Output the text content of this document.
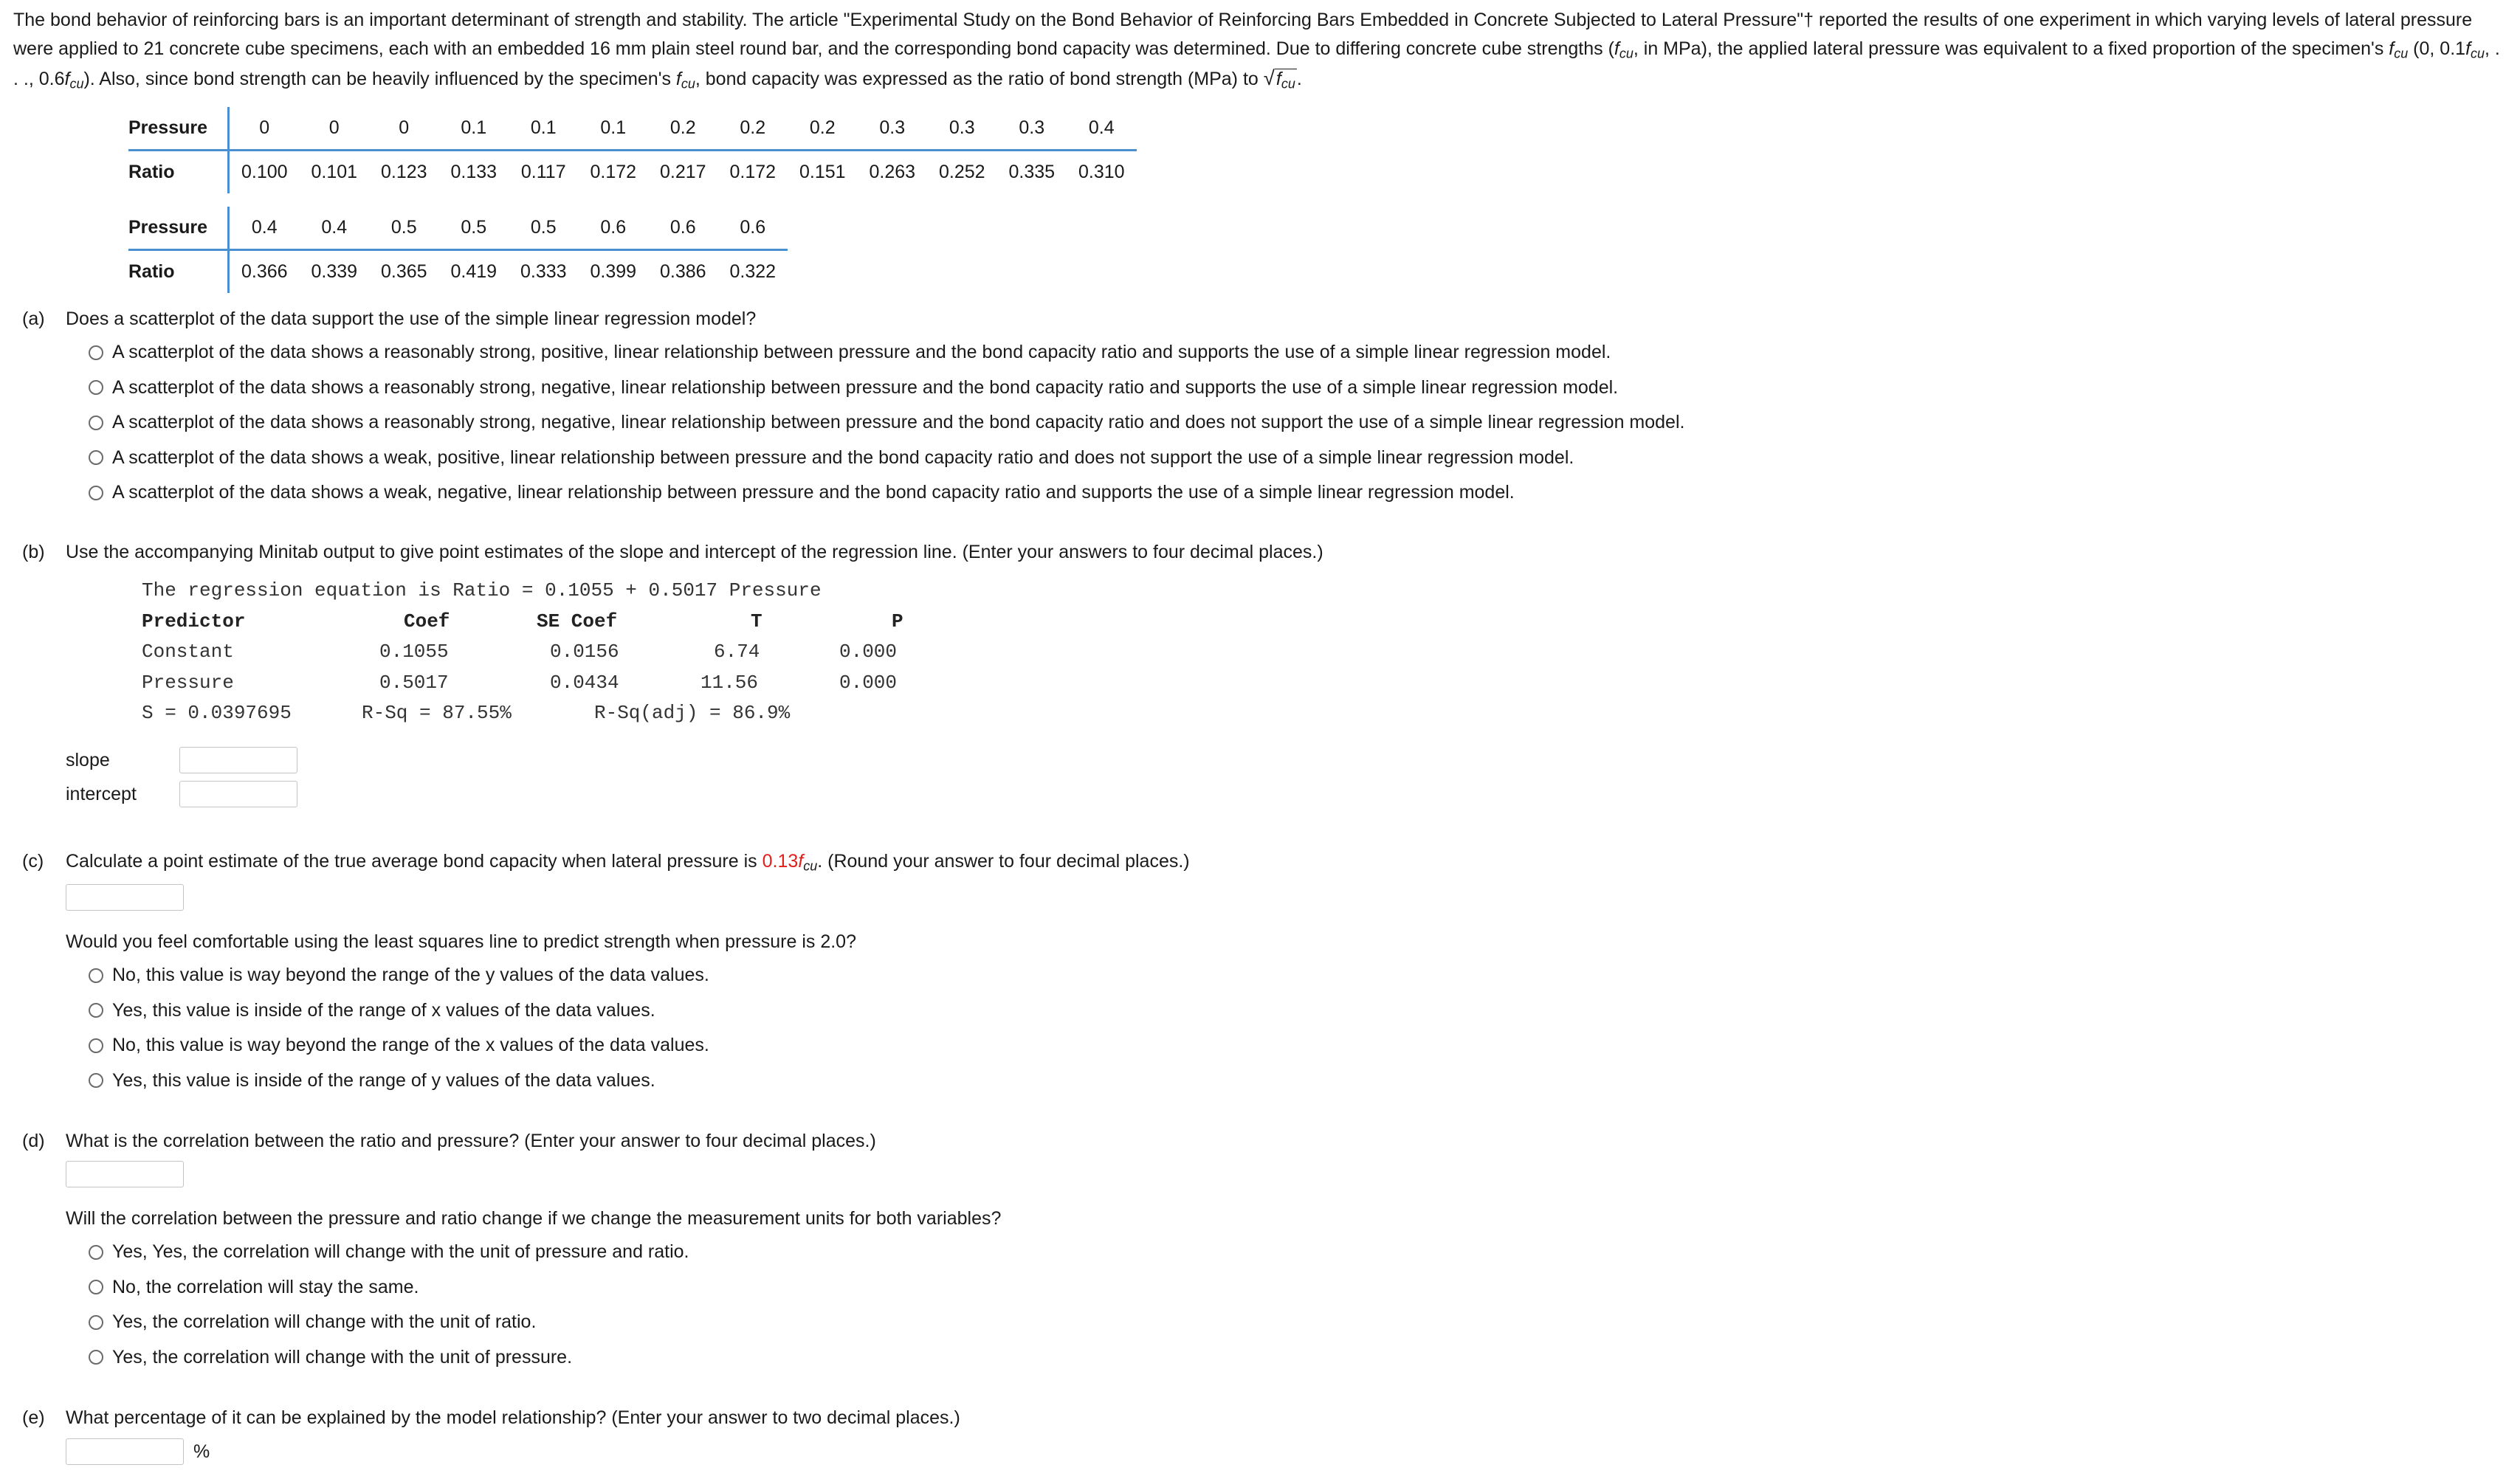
The bond behavior of reinforcing bars is an important determinant of strength and stability. The article "Experimental Study on the Bond Behavior of Reinforcing Bars Embedded in Concrete Subjected to Lateral Pressure"† reported the results of one experiment in which varying levels of lateral pressure were applied to 21 concrete cube specimens, each with an embedded 16 mm plain steel round bar, and the corresponding bond capacity was determined. Due to differing concrete cube strengths ($f_{cu}$, in MPa), the applied lateral pressure was equivalent to a fixed proportion of the specimen's $f_{cu}$ (0, $0.1f_{cu}$, . . ., $0.6f_{cu}$). Also, since bond strength can be heavily influenced by the specimen's $f_{cu}$, bond capacity was expressed as the ratio of bond strength (MPa) to $√f_{cu}$.

Pressure	0	0	0	0.1	0.1	0.1	0.2	0.2	0.2	0.3	0.3	0.3	0.4
Ratio	0.100	0.101	0.123	0.133	0.117	0.172	0.217	0.172	0.151	0.263	0.252	0.335	0.310
Pressure	0.4	0.4	0.5	0.5	0.5	0.6	0.6	0.6
Ratio	0.366	0.339	0.365	0.419	0.333	0.399	0.386	0.322
(a) Does a scatterplot of the data support the use of the simple linear regression model?
A scatterplot of the data shows a reasonably strong, positive, linear relationship between pressure and the bond capacity ratio and supports the use of a simple linear regression model.
A scatterplot of the data shows a reasonably strong, negative, linear relationship between pressure and the bond capacity ratio and supports the use of a simple linear regression model.
A scatterplot of the data shows a reasonably strong, negative, linear relationship between pressure and the bond capacity ratio and does not support the use of a simple linear regression model.
A scatterplot of the data shows a weak, positive, linear relationship between pressure and the bond capacity ratio and does not support the use of a simple linear regression model.
A scatterplot of the data shows a weak, negative, linear relationship between pressure and the bond capacity ratio and supports the use of a simple linear regression model.
(b) Use the accompanying Minitab output to give point estimates of the slope and intercept of the regression line. (Enter your answers to four decimal places.)
The regression equation is Ratio = 0.1055 + 0.5017 Pressure
Predictor	Coef	SE Coef	T	P
Constant	0.1055	0.0156	6.74	0.000
Pressure	0.5017	0.0434	11.56	0.000
S = 0.0397695	R-Sq = 87.55%	R-Sq(adj) = 86.9%
slope
intercept
(c) Calculate a point estimate of the true average bond capacity when lateral pressure is $0.13f_{cu}$. (Round your answer to four decimal places.)
Would you feel comfortable using the least squares line to predict strength when pressure is 2.0?
No, this value is way beyond the range of the y values of the data values.
Yes, this value is inside of the range of x values of the data values.
No, this value is way beyond the range of the x values of the data values.
Yes, this value is inside of the range of y values of the data values.
(d) What is the correlation between the ratio and pressure? (Enter your answer to four decimal places.)
Will the correlation between the pressure and ratio change if we change the measurement units for both variables?
Yes, Yes, the correlation will change with the unit of pressure and ratio.
No, the correlation will stay the same.
Yes, the correlation will change with the unit of ratio.
Yes, the correlation will change with the unit of pressure.
(e) What percentage of it can be explained by the model relationship? (Enter your answer to two decimal places.)
%
